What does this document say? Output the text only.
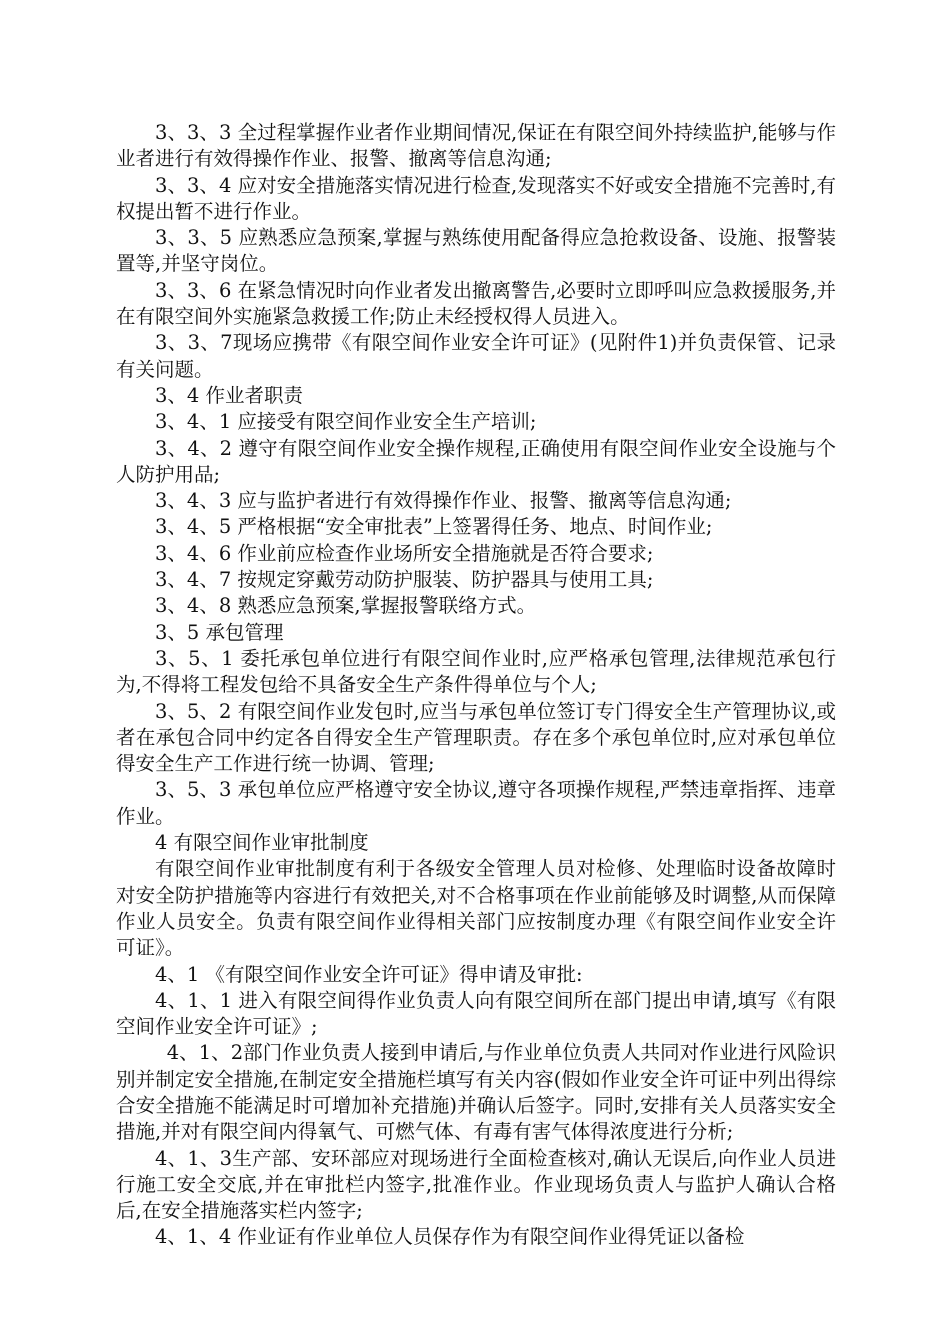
3、3、3 全过程掌握作业者作业期间情况,保证在有限空间外持续监护,能够与作业者进行有效得操作作业、报警、撤离等信息沟通;

3、3、4 应对安全措施落实情况进行检查,发现落实不好或安全措施不完善时,有权提出暂不进行作业。

3、3、5 应熟悉应急预案,掌握与熟练使用配备得应急抢救设备、设施、报警装置等,并坚守岗位。

3、3、6 在紧急情况时向作业者发出撤离警告,必要时立即呼叫应急救援服务,并在有限空间外实施紧急救援工作;防止未经授权得人员进入。

3、3、7现场应携带《有限空间作业安全许可证》(见附件1)并负责保管、记录有关问题。

3、4 作业者职责

3、4、1 应接受有限空间作业安全生产培训;

3、4、2 遵守有限空间作业安全操作规程,正确使用有限空间作业安全设施与个人防护用品;

3、4、3 应与监护者进行有效得操作作业、报警、撤离等信息沟通;

3、4、5 严格根据“安全审批表”上签署得任务、地点、时间作业;

3、4、6 作业前应检查作业场所安全措施就是否符合要求;

3、4、7 按规定穿戴劳动防护服装、防护器具与使用工具;

3、4、8 熟悉应急预案,掌握报警联络方式。

3、5 承包管理

3、5、1 委托承包单位进行有限空间作业时,应严格承包管理,法律规范承包行为,不得将工程发包给不具备安全生产条件得单位与个人;

3、5、2 有限空间作业发包时,应当与承包单位签订专门得安全生产管理协议,或者在承包合同中约定各自得安全生产管理职责。存在多个承包单位时,应对承包单位得安全生产工作进行统一协调、管理;

3、5、3 承包单位应严格遵守安全协议,遵守各项操作规程,严禁违章指挥、违章作业。

4 有限空间作业审批制度

有限空间作业审批制度有利于各级安全管理人员对检修、处理临时设备故障时对安全防护措施等内容进行有效把关,对不合格事项在作业前能够及时调整,从而保障作业人员安全。负责有限空间作业得相关部门应按制度办理《有限空间作业安全许可证》。

4、1 《有限空间作业安全许可证》得申请及审批:

4、1、1 进入有限空间得作业负责人向有限空间所在部门提出申请,填写《有限空间作业安全许可证》;

4、1、2部门作业负责人接到申请后,与作业单位负责人共同对作业进行风险识别并制定安全措施,在制定安全措施栏填写有关内容(假如作业安全许可证中列出得综合安全措施不能满足时可增加补充措施)并确认后签字。同时,安排有关人员落实安全措施,并对有限空间内得氧气、可燃气体、有毒有害气体得浓度进行分析;

4、1、3生产部、安环部应对现场进行全面检查核对,确认无误后,向作业人员进行施工安全交底,并在审批栏内签字,批准作业。作业现场负责人与监护人确认合格后,在安全措施落实栏内签字;

4、1、4 作业证有作业单位人员保存作为有限空间作业得凭证以备检
